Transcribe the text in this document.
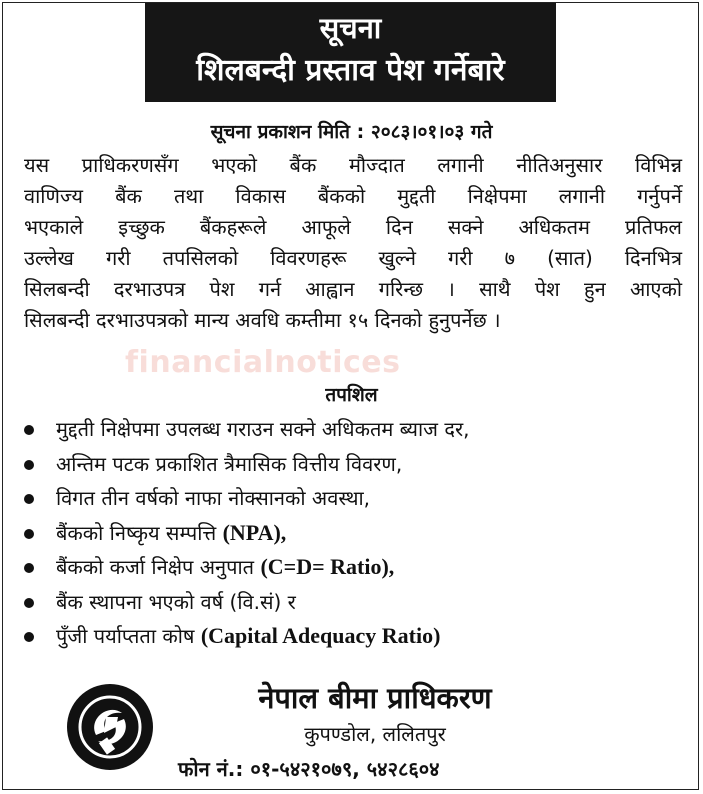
सूचना
शिलबन्दी प्रस्ताव पेश गर्नेबारे
सूचना प्रकाशन मिति : २०८३।०१।०३ गते
यस प्राधिकरणसँग भएको बैंक मौज्दात लगानी नीतिअनुसार विभिन्न
वाणिज्य बैंक तथा विकास बैंकको मुद्दती निक्षेपमा लगानी गर्नुपर्ने
भएकाले इच्छुक बैंकहरूले आफूले दिन सक्ने अधिकतम प्रतिफल
उल्लेख गरी तपसिलको विवरणहरू खुल्ने गरी ७ (सात) दिनभित्र
सिलबन्दी दरभाउपत्र पेश गर्न आह्वान गरिन्छ । साथै पेश हुन आएको
सिलबन्दी दरभाउपत्रको मान्य अवधि कम्तीमा १५ दिनको हुनुपर्नेछ ।
financialnotices
तपशिल
मुद्दती निक्षेपमा उपलब्ध गराउन सक्ने अधिकतम ब्याज दर,
अन्तिम पटक प्रकाशित त्रैमासिक वित्तीय विवरण,
विगत तीन वर्षको नाफा नोक्सानको अवस्था,
बैंकको निष्कृय सम्पत्ति (NPA),
बैंकको कर्जा निक्षेप अनुपात (C=D= Ratio),
बैंक स्थापना भएको वर्ष (वि.सं) र
पुँजी पर्याप्तता कोष (Capital Adequacy Ratio)
नेपाल बीमा प्राधिकरण
कुपण्डोल, ललितपुर
फोन नं.: ०१-५४२१०७९, ५४२८६०४
